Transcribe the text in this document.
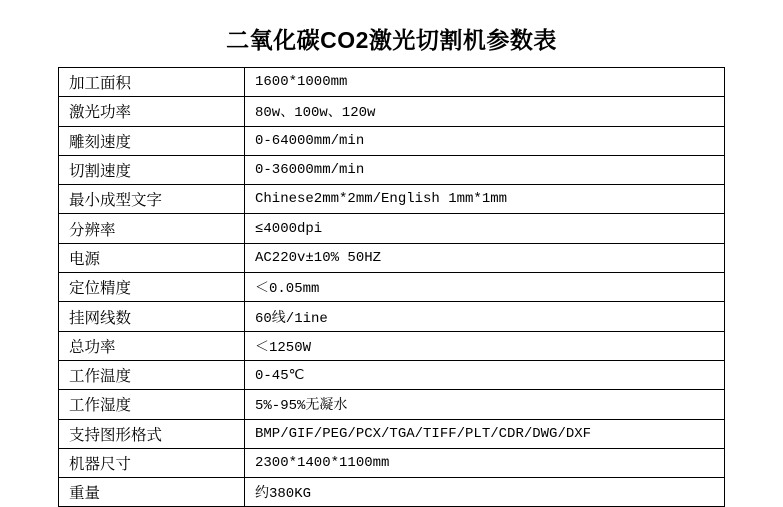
二氧化碳CO2激光切割机参数表
加工面积	1600*1000mm
激光功率	80w、100w、120w
雕刻速度	0-64000mm/min
切割速度	0-36000mm/min
最小成型文字	Chinese2mm*2mm/English 1mm*1mm
分辨率	≤4000dpi
电源	AC220v±10% 50HZ
定位精度	＜0.05mm
挂网线数	60线/1ine
总功率	＜1250W
工作温度	0-45℃
工作湿度	5%-95%无凝水
支持图形格式	BMP/GIF/PEG/PCX/TGA/TIFF/PLT/CDR/DWG/DXF
机器尺寸	2300*1400*1100mm
重量	约380KG
